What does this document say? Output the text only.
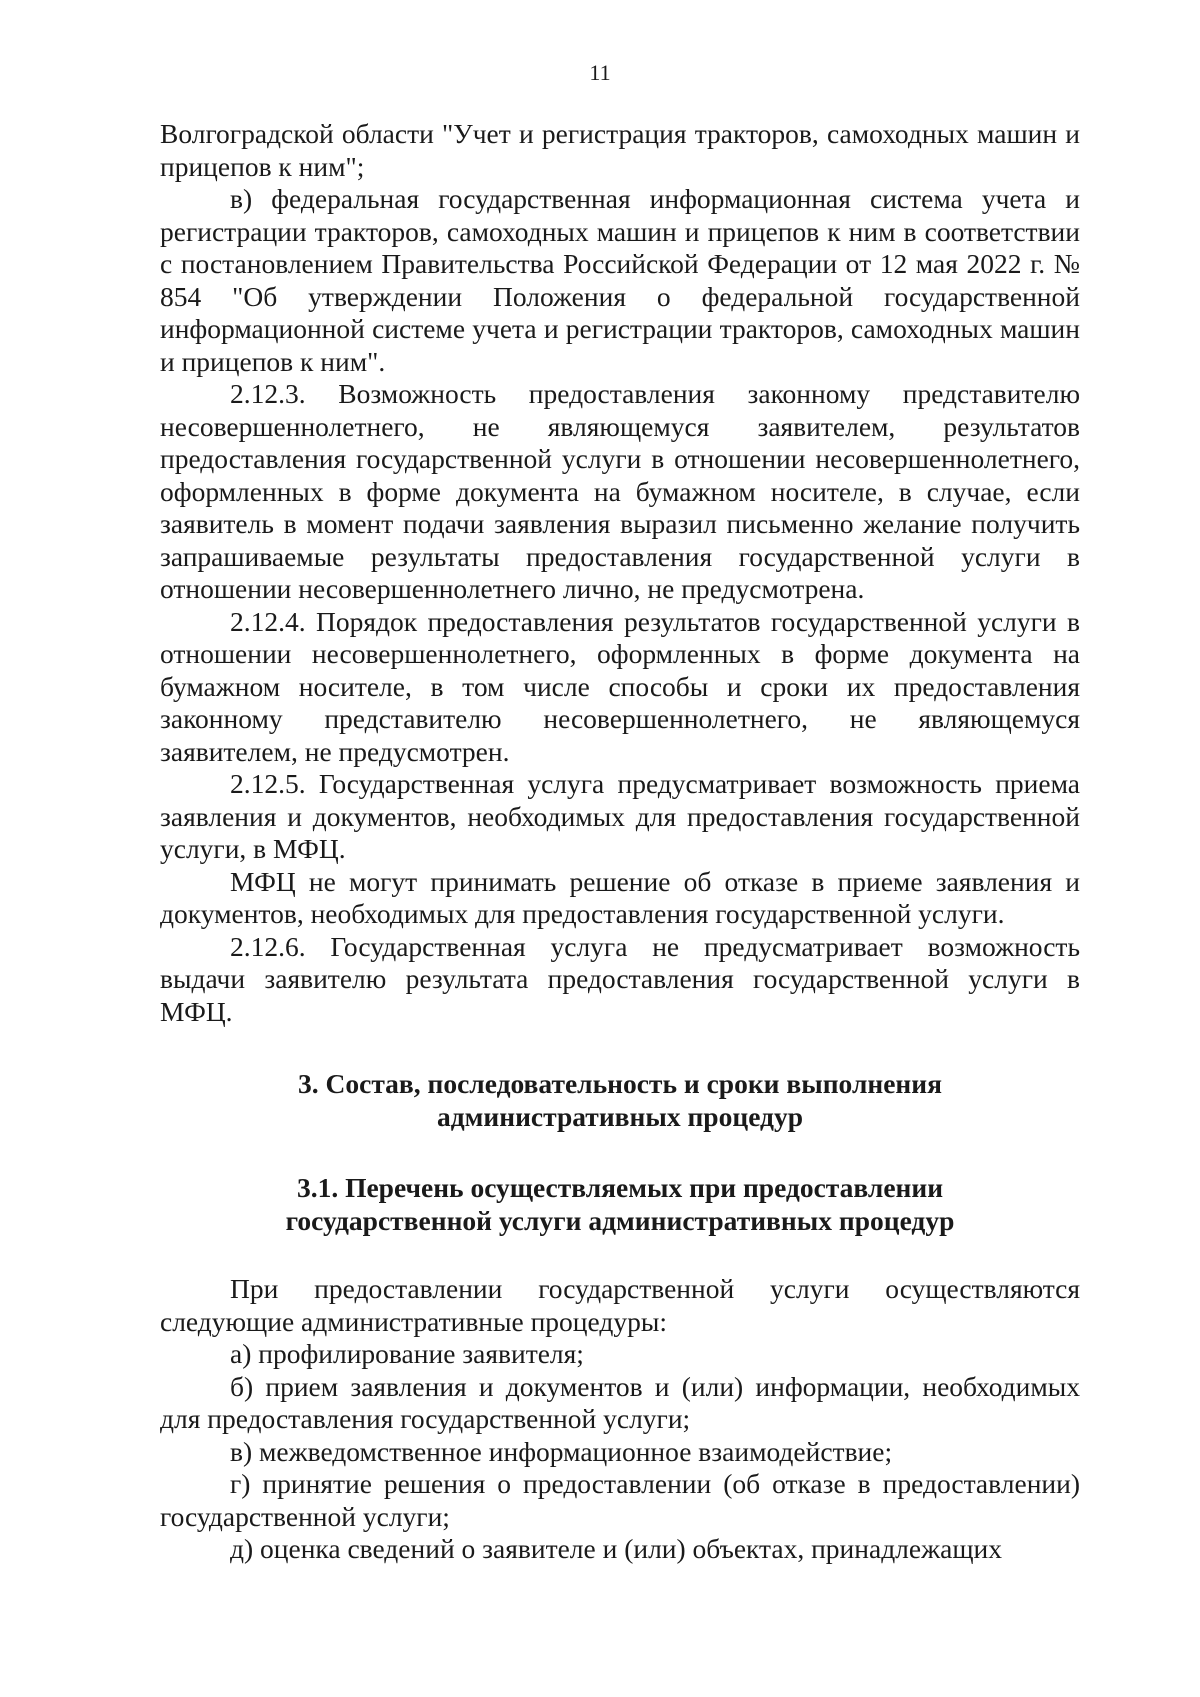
11

Волгоградской области "Учет и регистрация тракторов, самоходных машин и прицепов к ним";

в) федеральная государственная информационная система учета и регистрации тракторов, самоходных машин и прицепов к ним в соответствии с постановлением Правительства Российской Федерации от 12 мая 2022 г. № 854 "Об утверждении Положения о федеральной государственной информационной системе учета и регистрации тракторов, самоходных машин и прицепов к ним".

2.12.3. Возможность предоставления законному представителю несовершеннолетнего, не являющемуся заявителем, результатов предоставления государственной услуги в отношении несовершеннолетнего, оформленных в форме документа на бумажном носителе, в случае, если заявитель в момент подачи заявления выразил письменно желание получить запрашиваемые результаты предоставления государственной услуги в отношении несовершеннолетнего лично, не предусмотрена.

2.12.4. Порядок предоставления результатов государственной услуги в отношении несовершеннолетнего, оформленных в форме документа на бумажном носителе, в том числе способы и сроки их предоставления законному представителю несовершеннолетнего, не являющемуся заявителем, не предусмотрен.

2.12.5. Государственная услуга предусматривает возможность приема заявления и документов, необходимых для предоставления государственной услуги, в МФЦ.

МФЦ не могут принимать решение об отказе в приеме заявления и документов, необходимых для предоставления государственной услуги.

2.12.6. Государственная услуга не предусматривает возможность выдачи заявителю результата предоставления государственной услуги в МФЦ.

3. Состав, последовательность и сроки выполнения
административных процедур
3.1. Перечень осуществляемых при предоставлении
государственной услуги административных процедур

При предоставлении государственной услуги осуществляются следующие административные процедуры:

а) профилирование заявителя;

б) прием заявления и документов и (или) информации, необходимых для предоставления государственной услуги;

в) межведомственное информационное взаимодействие;

г) принятие решения о предоставлении (об отказе в предоставлении) государственной услуги;

д) оценка сведений о заявителе и (или) объектах, принадлежащих
